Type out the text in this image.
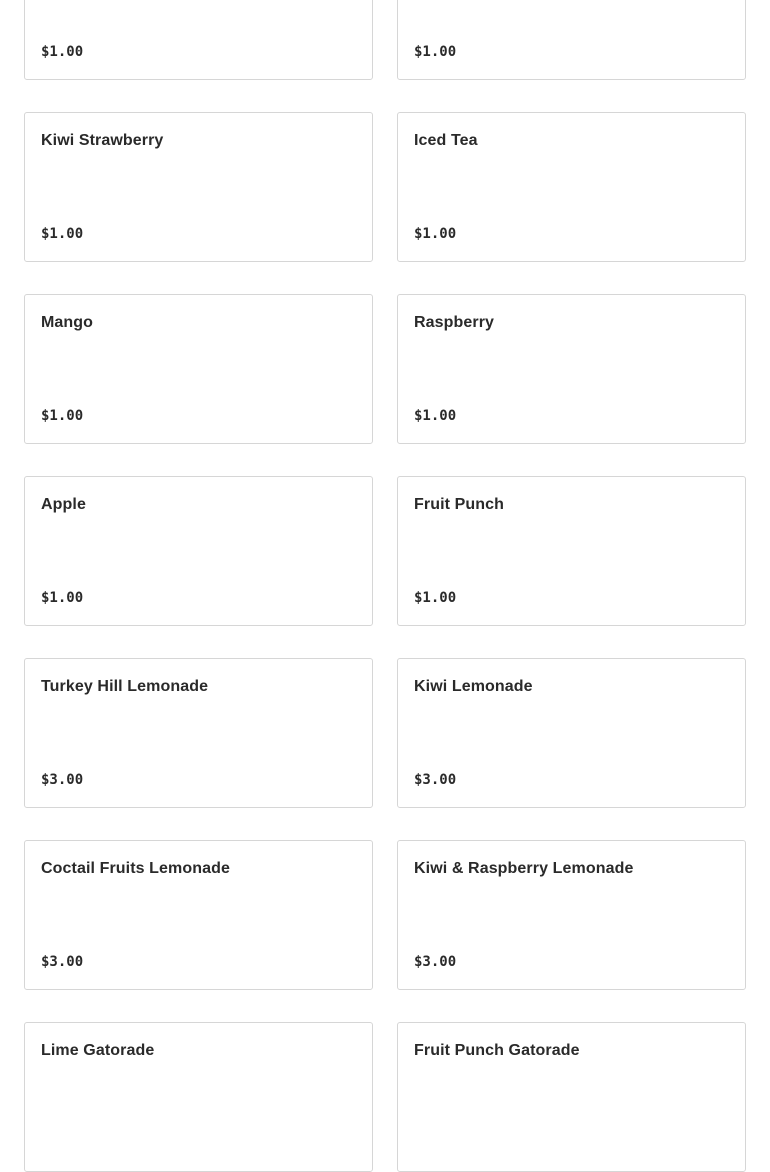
$1.00	$1.00
Kiwi Strawberry
$1.00
Iced Tea
$1.00
Mango
$1.00
Raspberry
$1.00
Apple
$1.00
Fruit Punch
$1.00
Turkey Hill Lemonade
$3.00
Kiwi Lemonade
$3.00
Coctail Fruits Lemonade
$3.00
Kiwi & Raspberry Lemonade
$3.00
Lime Gatorade	Fruit Punch Gatorade
